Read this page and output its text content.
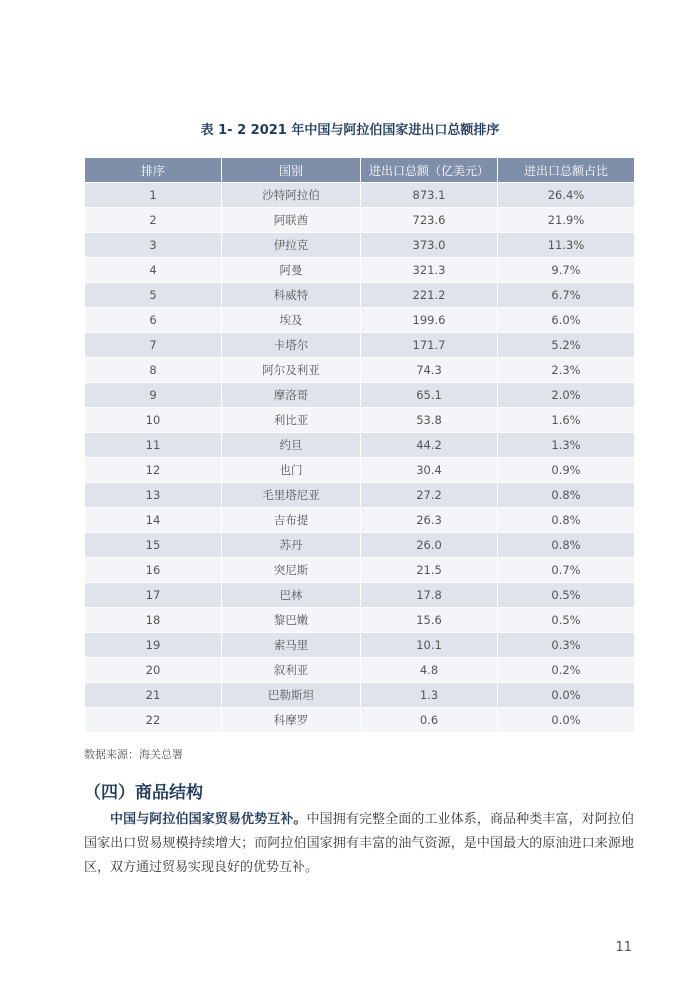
表 1- 2 2021 年中国与阿拉伯国家进出口总额排序
排序	国别	进出口总额（亿美元）	进出口总额占比
1	沙特阿拉伯	873.1	26.4%
2	阿联酋	723.6	21.9%
3	伊拉克	373.0	11.3%
4	阿曼	321.3	9.7%
5	科威特	221.2	6.7%
6	埃及	199.6	6.0%
7	卡塔尔	171.7	5.2%
8	阿尔及利亚	74.3	2.3%
9	摩洛哥	65.1	2.0%
10	利比亚	53.8	1.6%
11	约旦	44.2	1.3%
12	也门	30.4	0.9%
13	毛里塔尼亚	27.2	0.8%
14	吉布提	26.3	0.8%
15	苏丹	26.0	0.8%
16	突尼斯	21.5	0.7%
17	巴林	17.8	0.5%
18	黎巴嫩	15.6	0.5%
19	索马里	10.1	0.3%
20	叙利亚	4.8	0.2%
21	巴勒斯坦	1.3	0.0%
22	科摩罗	0.6	0.0%
数据来源：海关总署
（四）商品结构
中国与阿拉伯国家贸易优势互补。中国拥有完整全面的工业体系，商品种类丰富，对阿拉伯国家出口贸易规模持续增大；而阿拉伯国家拥有丰富的油气资源，是中国最大的原油进口来源地区，双方通过贸易实现良好的优势互补。
11
